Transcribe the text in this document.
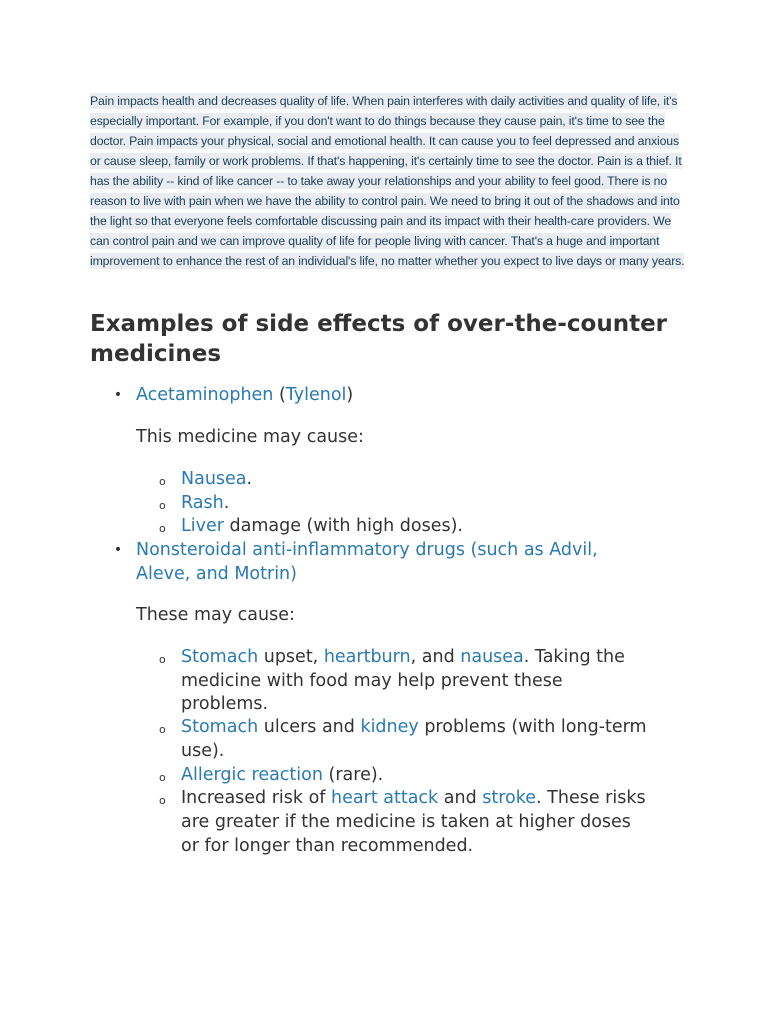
Pain impacts health and decreases quality of life. When pain interferes with daily activities and quality of life, it's especially important. For example, if you don't want to do things because they cause pain, it's time to see the doctor. Pain impacts your physical, social and emotional health. It can cause you to feel depressed and anxious or cause sleep, family or work problems. If that's happening, it's certainly time to see the doctor. Pain is a thief. It has the ability -- kind of like cancer -- to take away your relationships and your ability to feel good. There is no reason to live with pain when we have the ability to control pain. We need to bring it out of the shadows and into the light so that everyone feels comfortable discussing pain and its impact with their health-care providers. We can control pain and we can improve quality of life for people living with cancer. That's a huge and important improvement to enhance the rest of an individual's life, no matter whether you expect to live days or many years.

Examples of side effects of over-the-counter medicines
• Acetaminophen (Tylenol)
This medicine may cause:
o Nausea.
o Rash.
o Liver damage (with high doses).
• Nonsteroidal anti-inflammatory drugs (such as Advil,
Aleve, and Motrin)
These may cause:
o Stomach upset, heartburn, and nausea. Taking the
medicine with food may help prevent these
problems.
o Stomach ulcers and kidney problems (with long-term
use).
o Allergic reaction (rare).
o Increased risk of heart attack and stroke. These risks
are greater if the medicine is taken at higher doses
or for longer than recommended.
